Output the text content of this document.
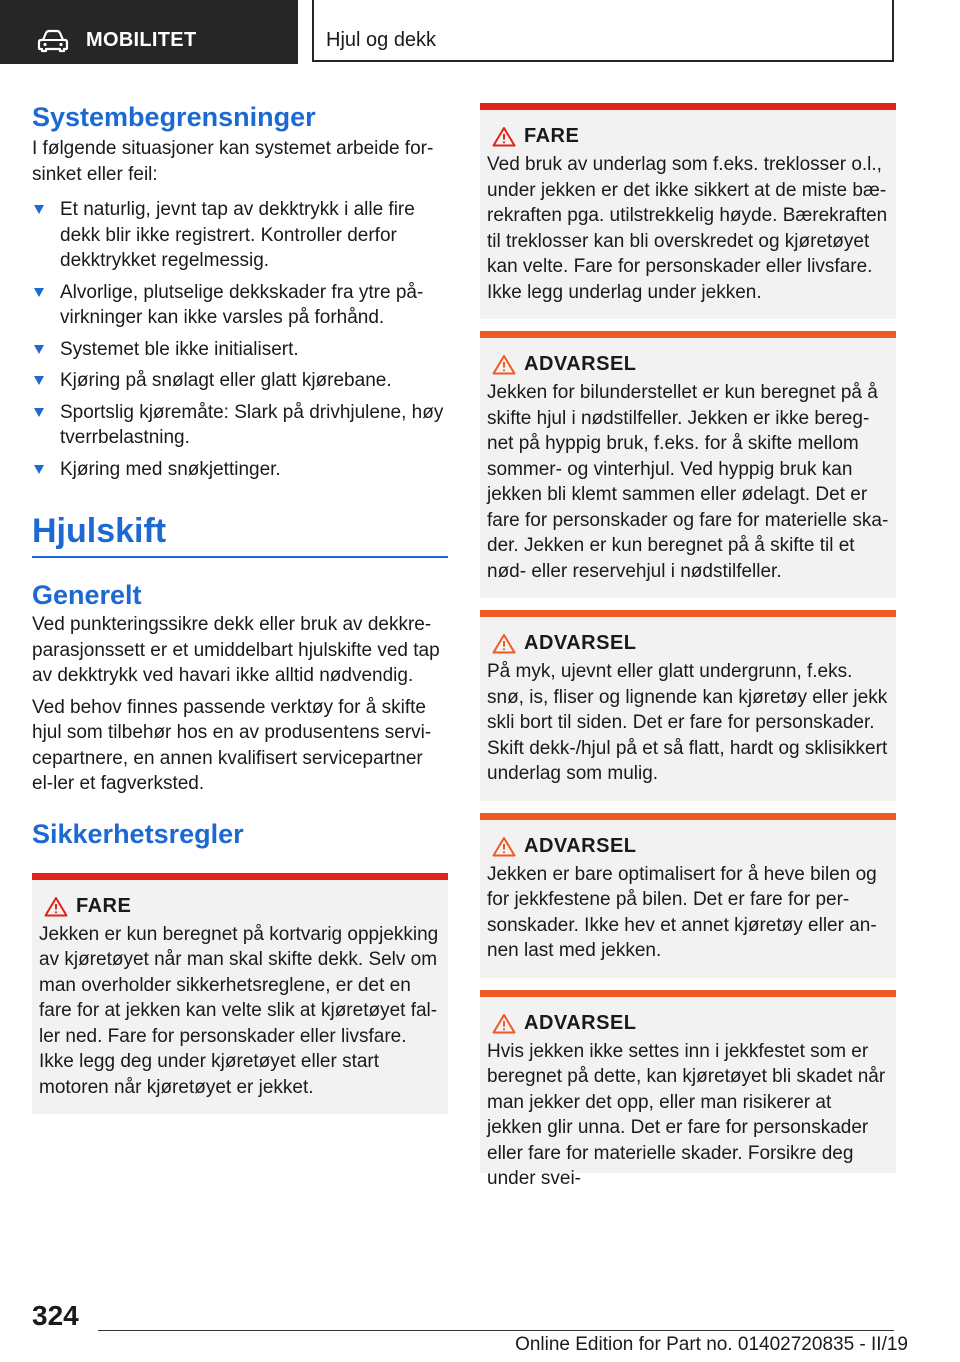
MOBILITET	Hjul og dekk
Systembegrensninger

I følgende situasjoner kan systemet arbeide for-sinket eller feil:

Et naturlig, jevnt tap av dekktrykk i alle fire dekk blir ikke registrert. Kontroller derfor dekktrykket regelmessig.
Alvorlige, plutselige dekkskader fra ytre på-virkninger kan ikke varsles på forhånd.
Systemet ble ikke initialisert.
Kjøring på snølagt eller glatt kjørebane.
Sportslig kjøremåte: Slark på drivhjulene, høy tverrbelastning.
Kjøring med snøkjettinger.
Hjulskift
Generelt

Ved punkteringssikre dekk eller bruk av dekkre-parasjonssett er et umiddelbart hjulskifte ved tap av dekktrykk ved havari ikke alltid nødvendig.

Ved behov finnes passende verktøy for å skifte hjul som tilbehør hos en av produsentens servi-cepartnere, en annen kvalifisert servicepartner el-ler et fagverksted.

Sikkerhetsregler
FARE
Jekken er kun beregnet på kortvarig oppjekking av kjøretøyet når man skal skifte dekk. Selv om man overholder sikkerhetsreglene, er det en fare for at jekken kan velte slik at kjøretøyet fal-ler ned. Fare for personskader eller livsfare. Ikke legg deg under kjøretøyet eller start motoren når kjøretøyet er jekket.
FARE
Ved bruk av underlag som f.eks. treklosser o.l., under jekken er det ikke sikkert at de miste bæ-rekraften pga. utilstrekkelig høyde. Bærekraften til treklosser kan bli overskredet og kjøretøyet kan velte. Fare for personskader eller livsfare. Ikke legg underlag under jekken.
ADVARSEL
Jekken for bilunderstellet er kun beregnet på å skifte hjul i nødstilfeller. Jekken er ikke bereg-net på hyppig bruk, f.eks. for å skifte mellom sommer- og vinterhjul. Ved hyppig bruk kan jekken bli klemt sammen eller ødelagt. Det er fare for personskader og fare for materielle ska-der. Jekken er kun beregnet på å skifte til et nød- eller reservehjul i nødstilfeller.
ADVARSEL
På myk, ujevnt eller glatt undergrunn, f.eks. snø, is, fliser og lignende kan kjøretøy eller jekk skli bort til siden. Det er fare for personskader. Skift dekk-/hjul på et så flatt, hardt og sklisikkert underlag som mulig.
ADVARSEL
Jekken er bare optimalisert for å heve bilen og for jekkfestene på bilen. Det er fare for per-sonskader. Ikke hev et annet kjøretøy eller an-nen last med jekken.
ADVARSEL
Hvis jekken ikke settes inn i jekkfestet som er beregnet på dette, kan kjøretøyet bli skadet når man jekker det opp, eller man risikerer at jekken glir unna. Det er fare for personskader eller fare for materielle skader. Forsikre deg under svei-
324
Online Edition for Part no. 01402720835 - II/19
